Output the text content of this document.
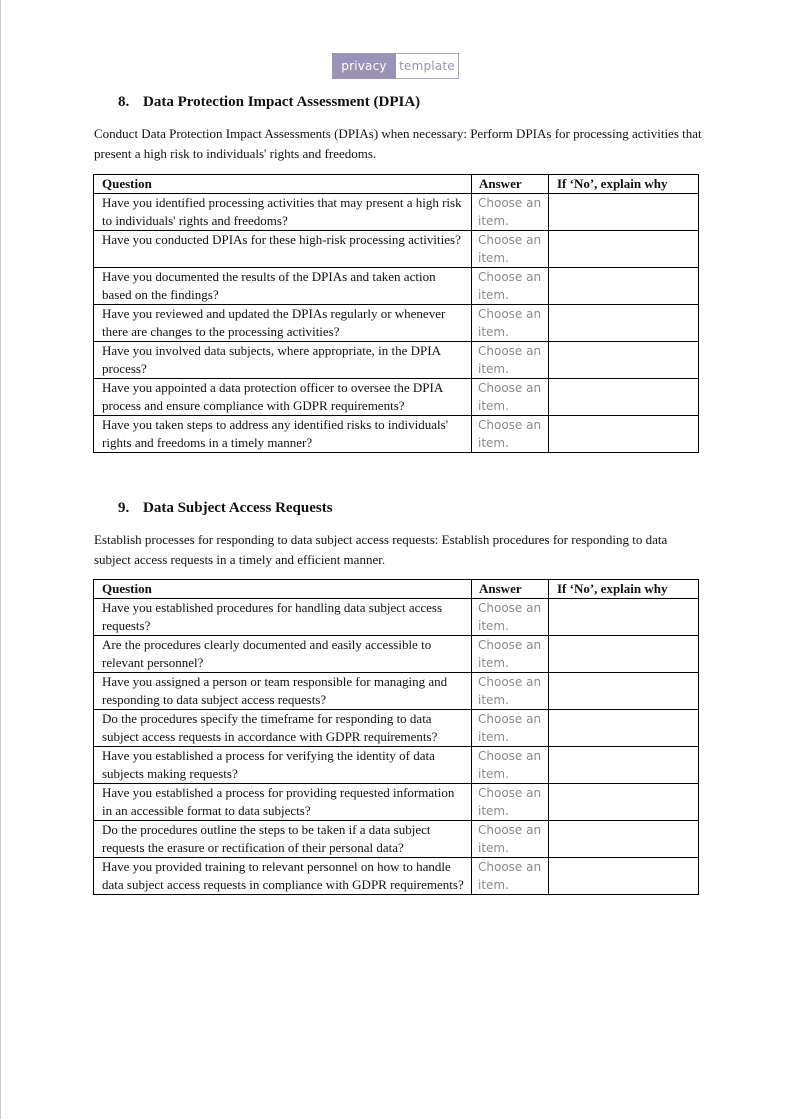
privacy	template
8. Data Protection Impact Assessment (DPIA)
Conduct Data Protection Impact Assessments (DPIAs) when necessary: Perform DPIAs for processing activities that present a high risk to individuals' rights and freedoms.
Question	Answer	If ‘No’, explain why
Have you identified processing activities that may present a high risk to individuals' rights and freedoms?	Choose an item.	
Have you conducted DPIAs for these high-risk processing activities?	Choose an item.	
Have you documented the results of the DPIAs and taken action based on the findings?	Choose an item.	
Have you reviewed and updated the DPIAs regularly or whenever there are changes to the processing activities?	Choose an item.	
Have you involved data subjects, where appropriate, in the DPIA process?	Choose an item.	
Have you appointed a data protection officer to oversee the DPIA process and ensure compliance with GDPR requirements?	Choose an item.	
Have you taken steps to address any identified risks to individuals' rights and freedoms in a timely manner?	Choose an item.	
9. Data Subject Access Requests
Establish processes for responding to data subject access requests: Establish procedures for responding to data subject access requests in a timely and efficient manner.
Question	Answer	If ‘No’, explain why
Have you established procedures for handling data subject access requests?	Choose an item.	
Are the procedures clearly documented and easily accessible to relevant personnel?	Choose an item.	
Have you assigned a person or team responsible for managing and responding to data subject access requests?	Choose an item.	
Do the procedures specify the timeframe for responding to data subject access requests in accordance with GDPR requirements?	Choose an item.	
Have you established a process for verifying the identity of data subjects making requests?	Choose an item.	
Have you established a process for providing requested information in an accessible format to data subjects?	Choose an item.	
Do the procedures outline the steps to be taken if a data subject requests the erasure or rectification of their personal data?	Choose an item.	
Have you provided training to relevant personnel on how to handle data subject access requests in compliance with GDPR requirements?	Choose an item.	
